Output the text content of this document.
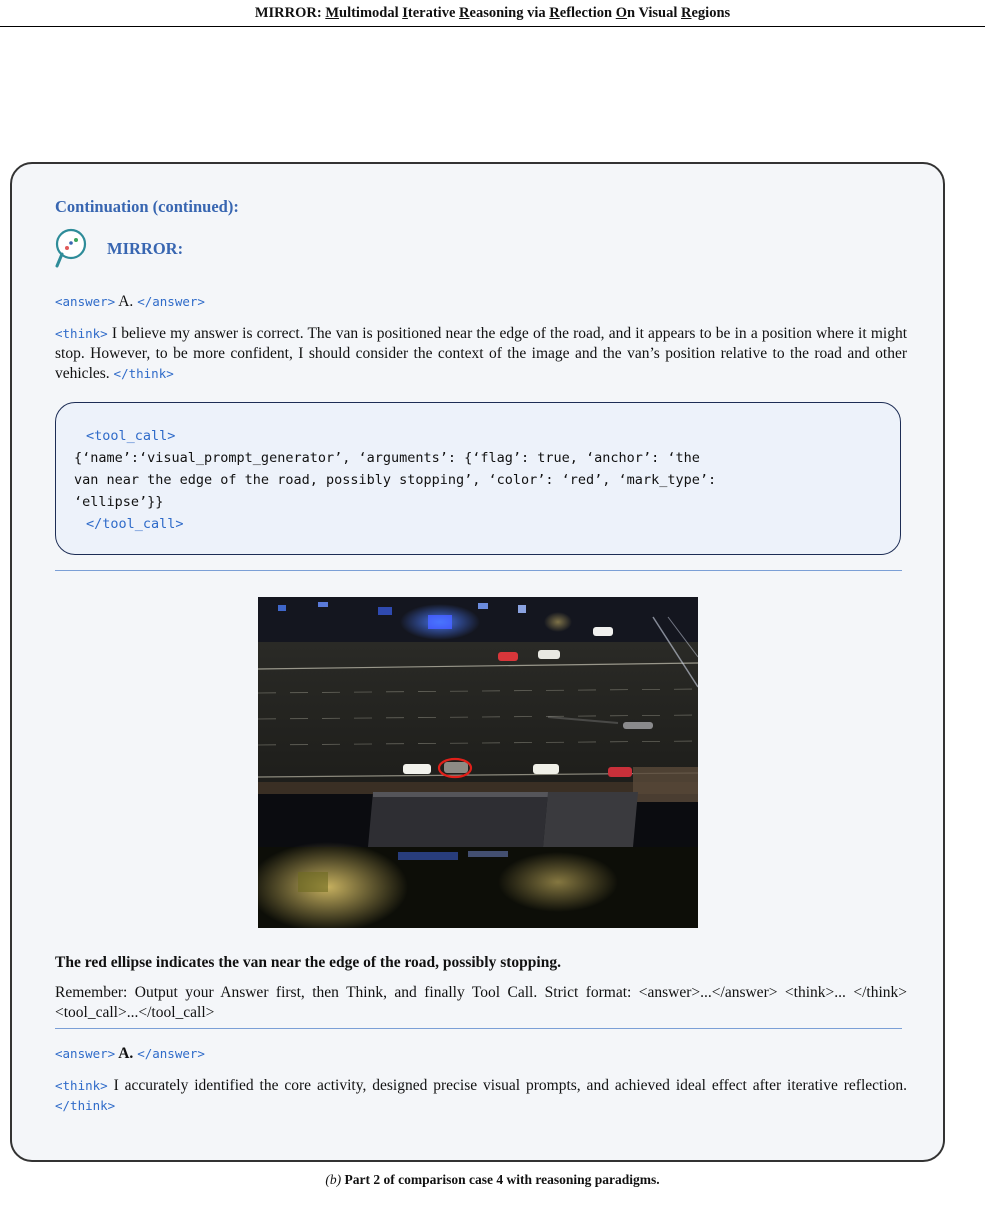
MIRROR: Multimodal Iterative Reasoning via Reflection On Visual Regions
Continuation (continued):
MIRROR:
<answer> A. </answer>
<think> I believe my answer is correct. The van is positioned near the edge of the road, and it appears to be in a position where it might stop. However, to be more confident, I should consider the context of the image and the van’s position relative to the road and other vehicles. </think>
<tool_call>
{‘name’:‘visual_prompt_generator’, ‘arguments’: {‘flag’: true, ‘anchor’: ‘the
van near the edge of the road, possibly stopping’, ‘color’: ‘red’, ‘mark_type’:
‘ellipse’}}
</tool_call>
The red ellipse indicates the van near the edge of the road, possibly stopping.
Remember: Output your Answer first, then Think, and finally Tool Call. Strict format: <answer>...</answer> <think>... </think><tool_call>...</tool_call>
<answer> A. </answer>
<think> I accurately identified the core activity, designed precise visual prompts, and achieved ideal effect after iterative reflection. </think>
(b) Part 2 of comparison case 4 with reasoning paradigms.
